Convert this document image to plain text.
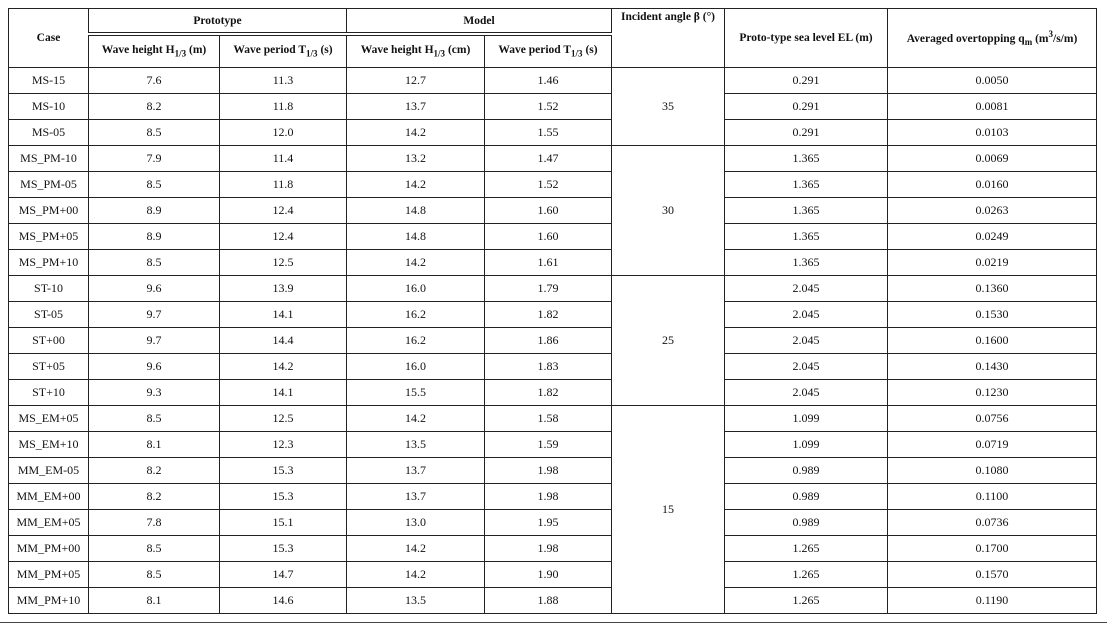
Case	Prototype		Model		Incident angle β (°)	Proto-type sea level EL (m)	Averaged overtopping $q_m$ $(m^3/s/m)$
	Wave height $H_{1/3}$ (m)	Wave period $T_{1/3}$ (s)	Wave height $H_{1/3}$ (cm)	Wave period $T_{1/3}$ (s)			
MS-15	7.6	11.3	12.7	1.46	35	0.291	0.0050
MS-10	8.2	11.8	13.7	1.52		0.291	0.0081
MS-05	8.5	12.0	14.2	1.55		0.291	0.0103
MS_PM-10	7.9	11.4	13.2	1.47	30	1.365	0.0069
MS_PM-05	8.5	11.8	14.2	1.52		1.365	0.0160
MS_PM+00	8.9	12.4	14.8	1.60		1.365	0.0263
MS_PM+05	8.9	12.4	14.8	1.60		1.365	0.0249
MS_PM+10	8.5	12.5	14.2	1.61		1.365	0.0219
ST-10	9.6	13.9	16.0	1.79	25	2.045	0.1360
ST-05	9.7	14.1	16.2	1.82		2.045	0.1530
ST+00	9.7	14.4	16.2	1.86		2.045	0.1600
ST+05	9.6	14.2	16.0	1.83		2.045	0.1430
ST+10	9.3	14.1	15.5	1.82		2.045	0.1230
MS_EM+05	8.5	12.5	14.2	1.58	15	1.099	0.0756
MS_EM+10	8.1	12.3	13.5	1.59		1.099	0.0719
MM_EM-05	8.2	15.3	13.7	1.98		0.989	0.1080
MM_EM+00	8.2	15.3	13.7	1.98		0.989	0.1100
MM_EM+05	7.8	15.1	13.0	1.95		0.989	0.0736
MM_PM+00	8.5	15.3	14.2	1.98		1.265	0.1700
MM_PM+05	8.5	14.7	14.2	1.90		1.265	0.1570
MM_PM+10	8.1	14.6	13.5	1.88		1.265	0.1190
